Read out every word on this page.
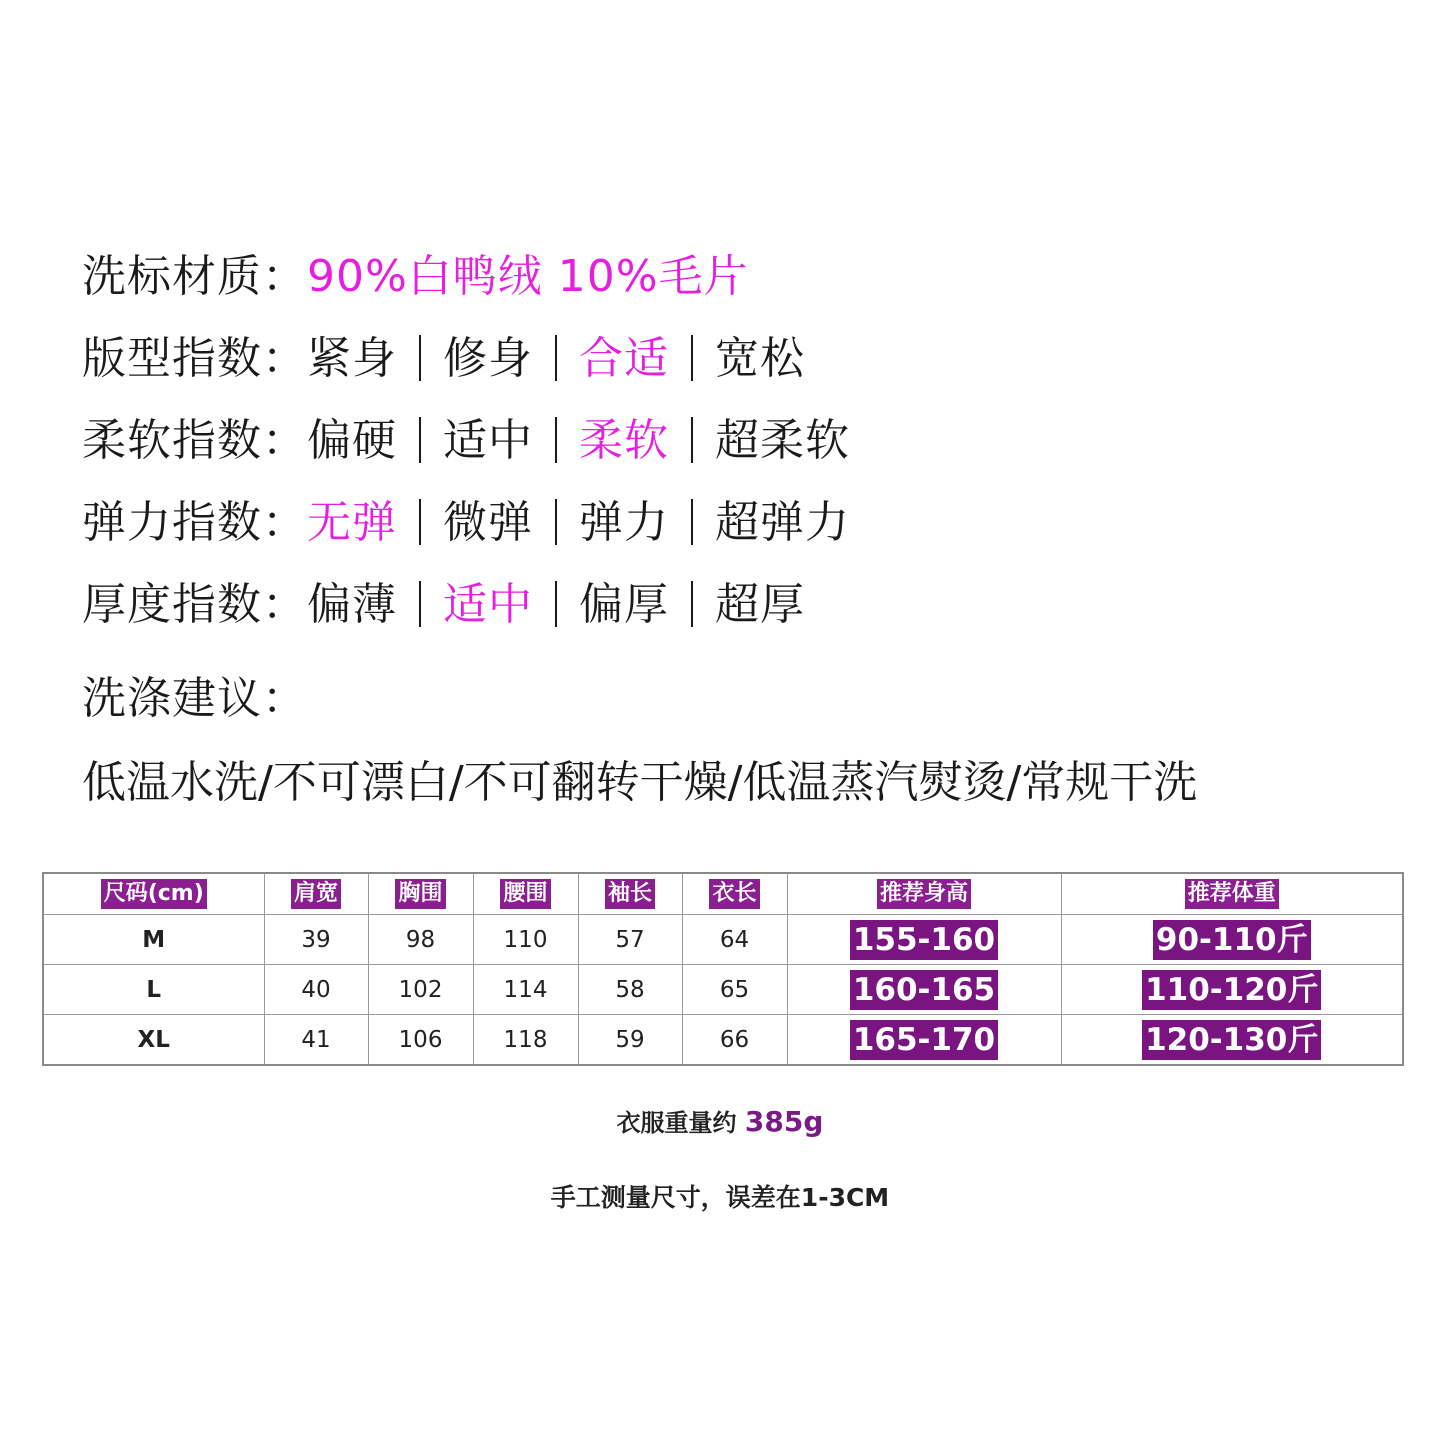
洗标材质：90%白鸭绒 10%毛片
版型指数：紧身 修身 合适 宽松
柔软指数：偏硬 适中 柔软 超柔软
弹力指数：无弹 微弹 弹力 超弹力
厚度指数：偏薄 适中 偏厚 超厚
洗涤建议：
低温水洗/不可漂白/不可翻转干燥/低温蒸汽熨烫/常规干洗
尺码(cm)	肩宽	胸围	腰围	袖长	衣长	推荐身高	推荐体重
M	39	98	110	57	64	155-160	90-110斤
L	40	102	114	58	65	160-165	110-120斤
XL	41	106	118	59	66	165-170	120-130斤
衣服重量约 385g
手工测量尺寸，误差在1-3CM
